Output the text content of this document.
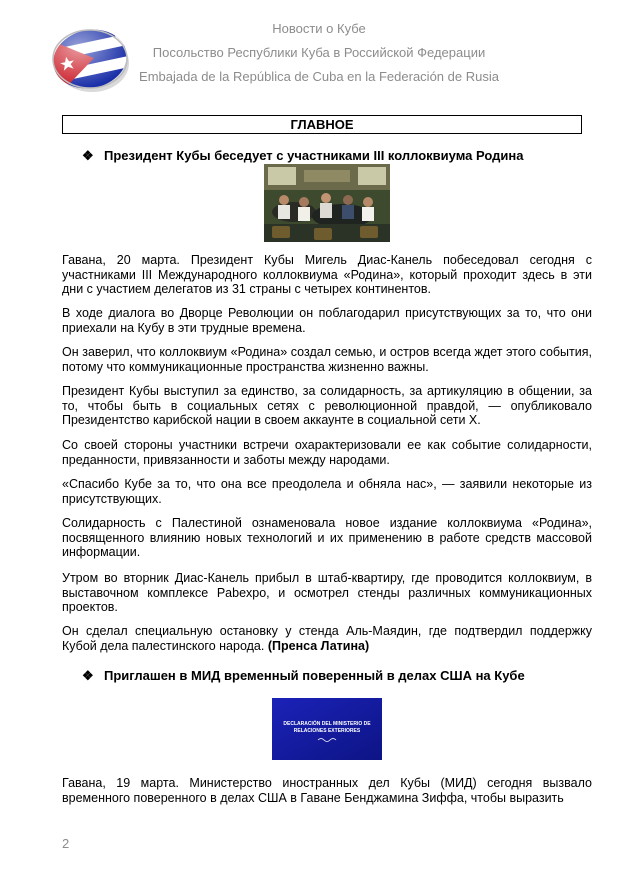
Новости о Кубе
Посольство Республики Куба в Российской Федерации
Embajada de la República de Cuba en la Federación de Rusia
ГЛАВНОЕ
❖ Президент Кубы беседует с участниками III коллоквиума Родина

Гавана, 20 марта. Президент Кубы Мигель Диас-Канель побеседовал сегодня с участниками III Международного коллоквиума «Родина», который проходит здесь в эти дни с участием делегатов из 31 страны с четырех континентов.

В ходе диалога во Дворце Революции он поблагодарил присутствующих за то, что они приехали на Кубу в эти трудные времена.

Он заверил, что коллоквиум «Родина» создал семью, и остров всегда ждет этого события, потому что коммуникационные пространства жизненно важны.

Президент Кубы выступил за единство, за солидарность, за артикуляцию в общении, за то, чтобы быть в социальных сетях с революционной правдой, — опубликовало Президентство карибской нации в своем аккаунте в социальной сети X.

Со своей стороны участники встречи охарактеризовали ее как событие солидарности, преданности, привязанности и заботы между народами.

«Спасибо Кубе за то, что она все преодолела и обняла нас», — заявили некоторые из присутствующих.

Солидарность с Палестиной ознаменовала новое издание коллоквиума «Родина», посвященного влиянию новых технологий и их применению в работе средств массовой информации.

Утром во вторник Диас-Канель прибыл в штаб-квартиру, где проводится коллоквиум, в выставочном комплексе Pabexpo, и осмотрел стенды различных коммуникационных проектов.

Он сделал специальную остановку у стенда Аль-Маядин, где подтвердил поддержку Кубой дела палестинского народа. (Пренса Латина)

❖ Приглашен в МИД временный поверенный в делах США на Кубе
DECLARACIÓN DEL MINISTERIO DE
RELACIONES EXTERIORES

Гавана, 19 марта. Министерство иностранных дел Кубы (МИД) сегодня вызвало временного поверенного в делах США в Гаване Бенджамина Зиффа, чтобы выразить

2
